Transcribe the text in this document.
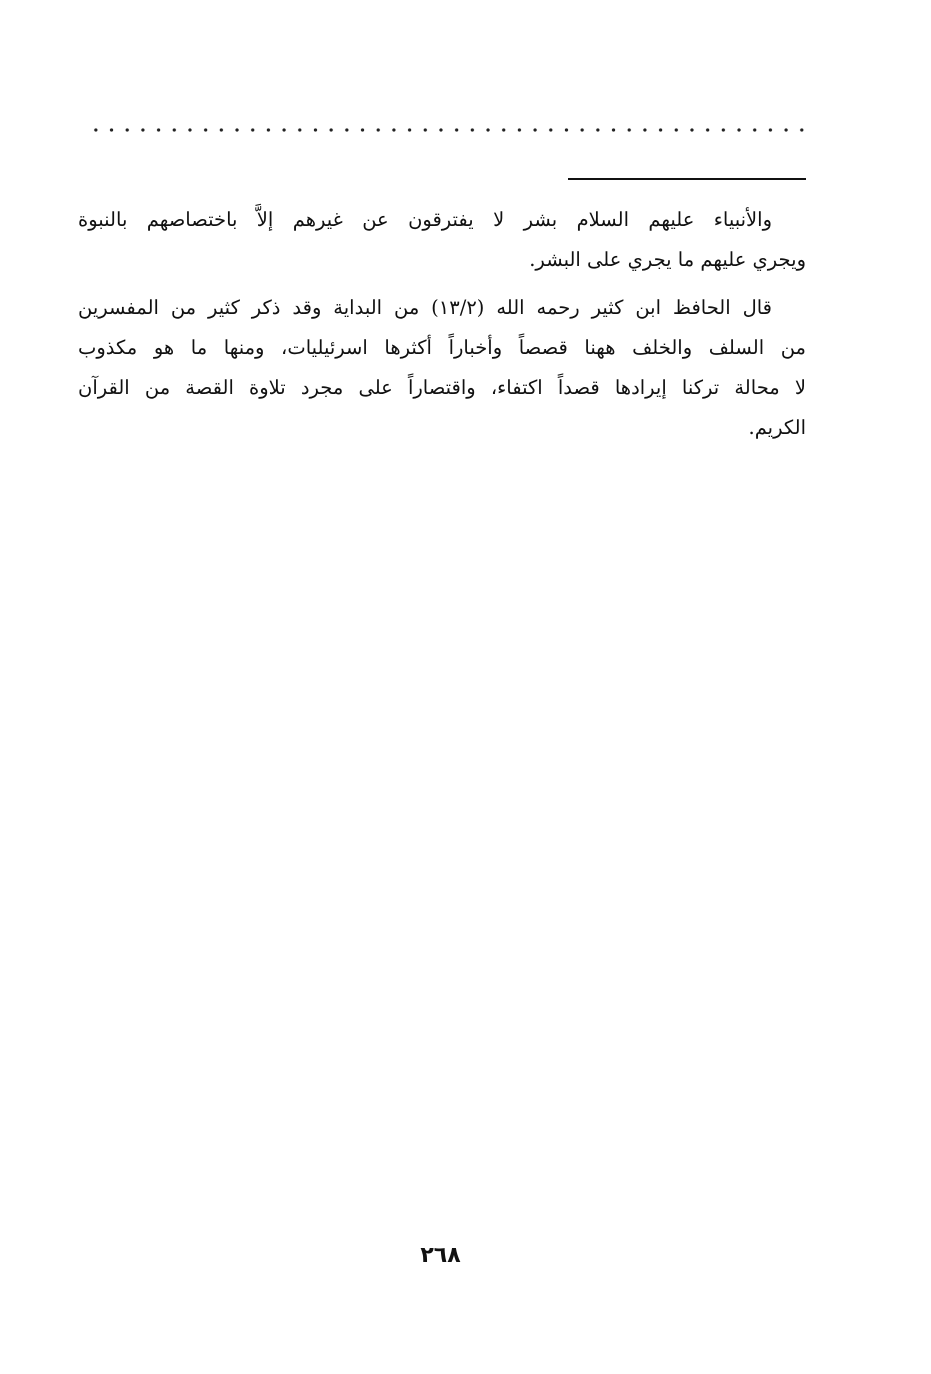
والأنبياء عليهم السلام بشر لا يفترقون عن غيرهم إلاَّ باختصاصهم بالنبوة
ويجري عليهم ما يجري على البشر.

قال الحافظ ابن كثير رحمه الله (١٣/٢) من البداية وقد ذكر كثير من المفسرين
من السلف والخلف ههنا قصصاً وأخباراً أكثرها اسرئيليات، ومنها ما هو مكذوب
لا محالة تركنا إيرادها قصداً اكتفاء، واقتصاراً على مجرد تلاوة القصة من القرآن
الكريم.

٢٦٨
